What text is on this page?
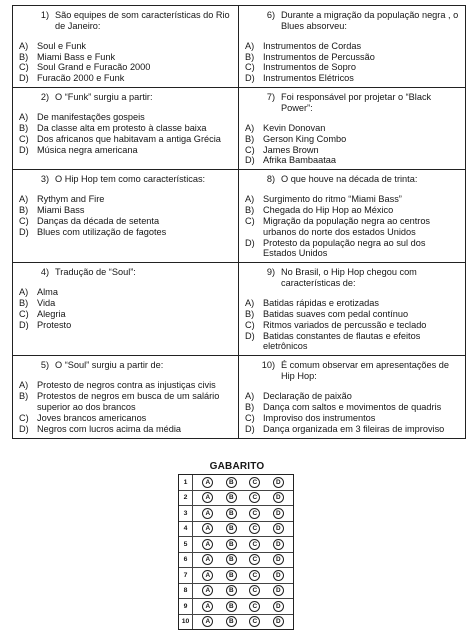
1) São equipes de som características do Rio de Janeiro:
A) Soul e Funk
B) Miami Bass e Funk
C) Soul Grand e Furacão 2000
D) Furacão 2000 e Funk
6) Durante a migração da população negra , o Blues absorveu:
A) Instrumentos de Cordas
B) Instrumentos de Percussão
C) Instrumentos de Sopro
D) Instrumentos Elétricos
2) O “Funk” surgiu a partir:
A) De manifestações gospeis
B) Da classe alta em protesto à classe baixa
C) Dos africanos que habitavam a antiga Grécia
D) Música negra americana
7) Foi responsável por projetar o “Black Power”:
A) Kevin Donovan
B) Gerson King Combo
C) James Brown
D) Afrika Bambaataa
3) O Hip Hop tem como características:
A) Rythym and Fire
B) Miami Bass
C) Danças da década de setenta
D) Blues com utilização de fagotes
8) O que houve na década de trinta:
A) Surgimento do ritmo “Miami Bass”
B) Chegada do Hip Hop ao México
C) Migração da população negra ao centros urbanos do norte dos estados Unidos
D) Protesto da população negra ao sul dos Estados Unidos
4) Tradução de “Soul”:
A) Alma
B) Vida
C) Alegria
D) Protesto
9) No Brasil, o Hip Hop chegou com características de:
A) Batidas rápidas e erotizadas
B) Batidas suaves com pedal contínuo
C) Ritmos variados de percussão e teclado
D) Batidas constantes de flautas e efeitos eletrônicos
5) O “Soul” surgiu a partir de:
A) Protesto de negros contra as injustiças civis
B) Protestos de negros em busca de um salário superior ao dos brancos
C) Joves brancos americanos
D) Negros com lucros acima da média
10) É comum observar em apresentações de Hip Hop:
A) Declaração de paixão
B) Dança com saltos e movimentos de quadris
C) Improviso dos instrumentos
D) Dança organizada em 3 fileiras de improviso
GABARITO
1	A	B	C	D
2	A	B	C	D
3	A	B	C	D
4	A	B	C	D
5	A	B	C	D
6	A	B	C	D
7	A	B	C	D
8	A	B	C	D
9	A	B	C	D
10	A	B	C	D
